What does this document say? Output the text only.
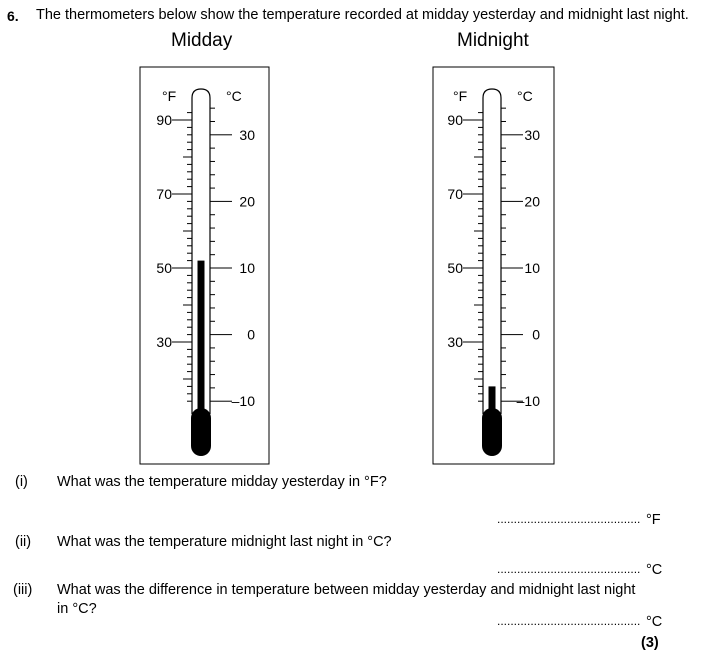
6. The thermometers below show the temperature recorded at midday yesterday and midnight last night.
Midday	Midnight
90
70
50
30
30
20
10
0
–10
°F	°C
90
70
50
30
30
20
10
0
–10
°F	°C
(i) What was the temperature midday yesterday in °F?
........................................... °F
(ii) What was the temperature midnight last night in °C?
........................................... °C
(iii) What was the difference in temperature between midday yesterday and midnight last night
in °C?
........................................... °C
(3)
